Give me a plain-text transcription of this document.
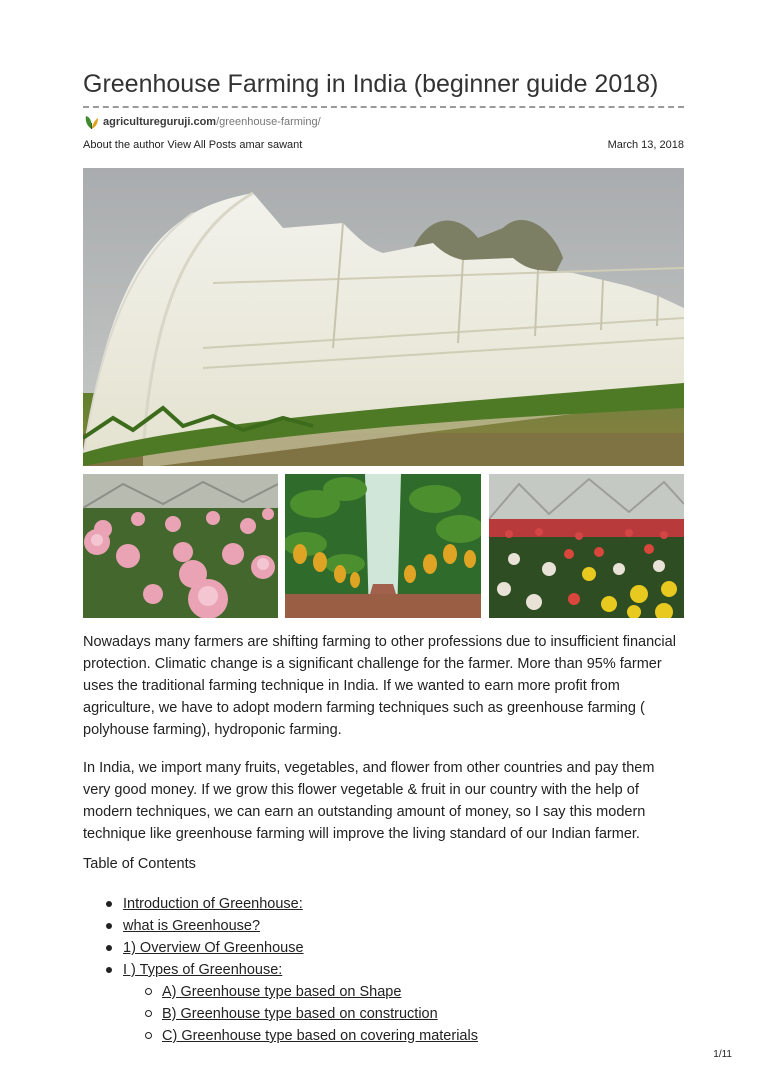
Greenhouse Farming in India (beginner guide 2018)
agricultureguruji.com /greenhouse-farming/
About the author View All Posts amar sawant	March 13, 2018

Nowadays many farmers are shifting farming to other professions due to insufficient financial protection. Climatic change is a significant challenge for the farmer. More than 95% farmer uses the traditional farming technique in India. If we wanted to earn more profit from agriculture, we have to adopt modern farming techniques such as greenhouse farming ( polyhouse farming), hydroponic farming.

In India, we import many fruits, vegetables, and flower from other countries and pay them very good money. If we grow this flower vegetable & fruit in our country with the help of modern techniques, we can earn an outstanding amount of money, so I say this modern technique like greenhouse farming will improve the living standard of our Indian farmer.

Table of Contents

Introduction of Greenhouse:
what is Greenhouse?
1) Overview Of Greenhouse
I ) Types of Greenhouse:
A) Greenhouse type based on Shape
B) Greenhouse type based on construction
C) Greenhouse type based on covering materials
1/11
